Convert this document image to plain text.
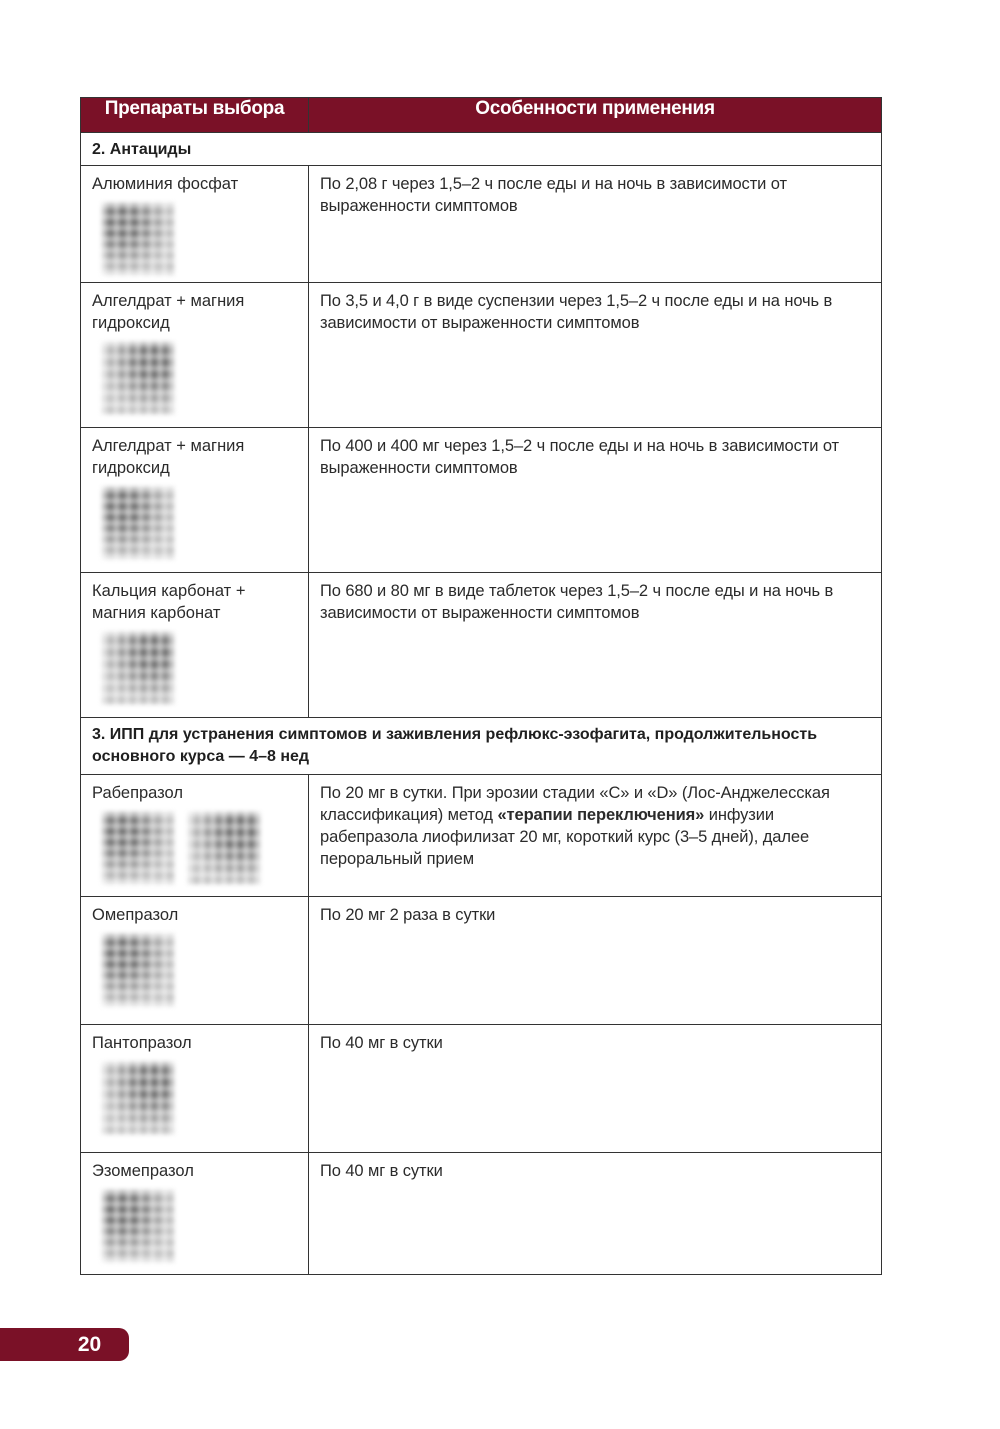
Препараты выбора	Особенности применения
2. Антациды	

Алюминия фосфат	По 2,08 г через 1,5–2 ч после еды и на ночь в зависимости от выраженности симптомов

Алгелдрат + магния гидроксид	По 3,5 и 4,0 г в виде суспензии через 1,5–2 ч после еды и на ночь в зависимости от выраженности симптомов

Алгелдрат + магния гидроксид	По 400 и 400 мг через 1,5–2 ч после еды и на ночь в зависимости от выраженности симптомов

Кальция карбонат + магния карбонат	По 680 и 80 мг в виде таблеток через 1,5–2 ч после еды и на ночь в зависимости от выраженности симптомов
3. ИПП для устранения симптомов и заживления рефлюкс-эзофагита, продолжительность основного курса — 4–8 нед	

Рабепразол	По 20 мг в сутки. При эрозии стадии «С» и «D» (Лос-Анджелесская классификация) метод «терапии переключения» инфузии рабепразола лиофилизат 20 мг, короткий курс (3–5 дней), далее пероральный прием

Омепразол	По 20 мг 2 раза в сутки

Пантопразол	По 40 мг в сутки

Эзомепразол	По 40 мг в сутки
20
